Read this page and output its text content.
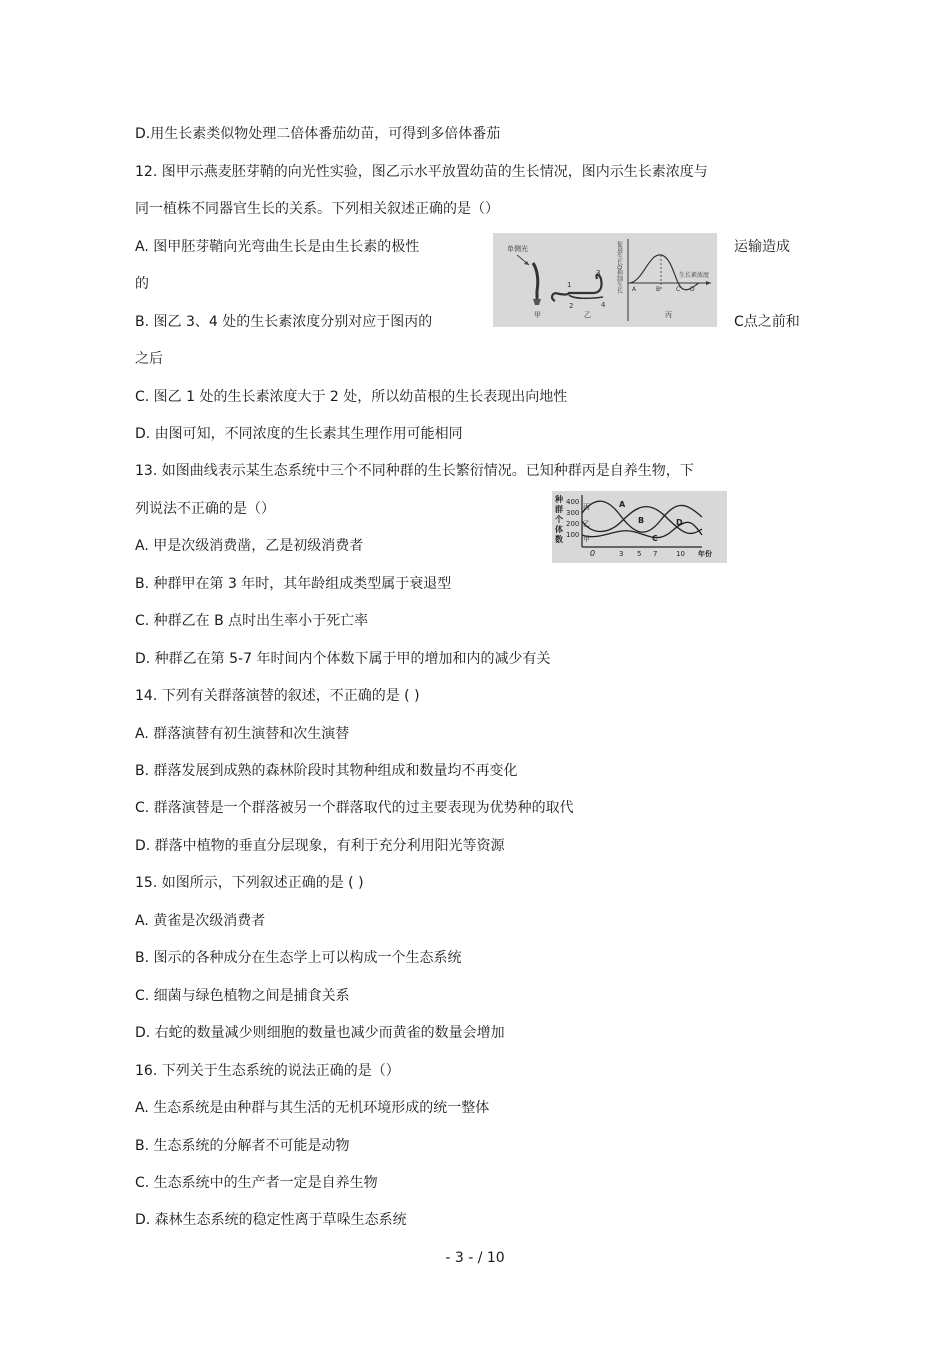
D.用生长素类似物处理二倍体番茄幼苗，可得到多倍体番茄
12. 图甲示燕麦胚芽鞘的向光性实验，图乙示水平放置幼苗的生长情况，图内示生长素浓度与
同一植株不同器官生长的关系。下列相关叙述正确的是（）
A. 图甲胚芽鞘向光弯曲生长是由生长素的极性	运输造成
的
B. 图乙 3、4 处的生长素浓度分别对应于图丙的	C点之前和
之后
C. 图乙 1 处的生长素浓度大于 2 处，所以幼苗根的生长表现出向地性
D. 由图可知，不同浓度的生长素其生理作用可能相同
13. 如图曲线表示某生态系统中三个不同种群的生长繁衍情况。已知种群丙是自养生物，下
列说法不正确的是（）
A. 甲是次级消费凿，乙是初级消费者
B. 种群甲在第 3 年时，其年龄组成类型属于衰退型
C. 种群乙在 B 点时出生率小于死亡率
D. 种群乙在第 5-7 年时间内个体数下属于甲的增加和内的减少有关
14. 下列有关群落演替的叙述，不正确的是 ( )
A. 群落演替有初生演替和次生演替
B. 群落发展到成熟的森林阶段时其物种组成和数量均不再变化
C. 群落演替是一个群落被另一个群落取代的过主要表现为优势种的取代
D. 群落中植物的垂直分层现象，有利于充分利用阳光等资源
15. 如图所示，下列叙述正确的是 ( )
A. 黄雀是次级消费者
B. 图示的各种成分在生态学上可以构成一个生态系统
C. 细菌与绿色植物之间是捕食关系
D. 右蛇的数量减少则细胞的数量也减少而黄雀的数量会增加
16. 下列关于生态系统的说法正确的是（）
A. 生态系统是由种群与其生活的无机环境形成的统一整体
B. 生态系统的分解者不可能是动物
C. 生态系统中的生产者一定是自养生物
D. 森林生态系统的稳定性离于草哚生态系统
单侧光
甲
1
2
3
4
乙
促进生长O抑制生长	生长素浓度
A	B	C D
丙
种
群
个
体
数
400
300
200
100
丙
乙
甲
A
B
C
D
0	3 5 7	10 年份
- 3 - / 10
